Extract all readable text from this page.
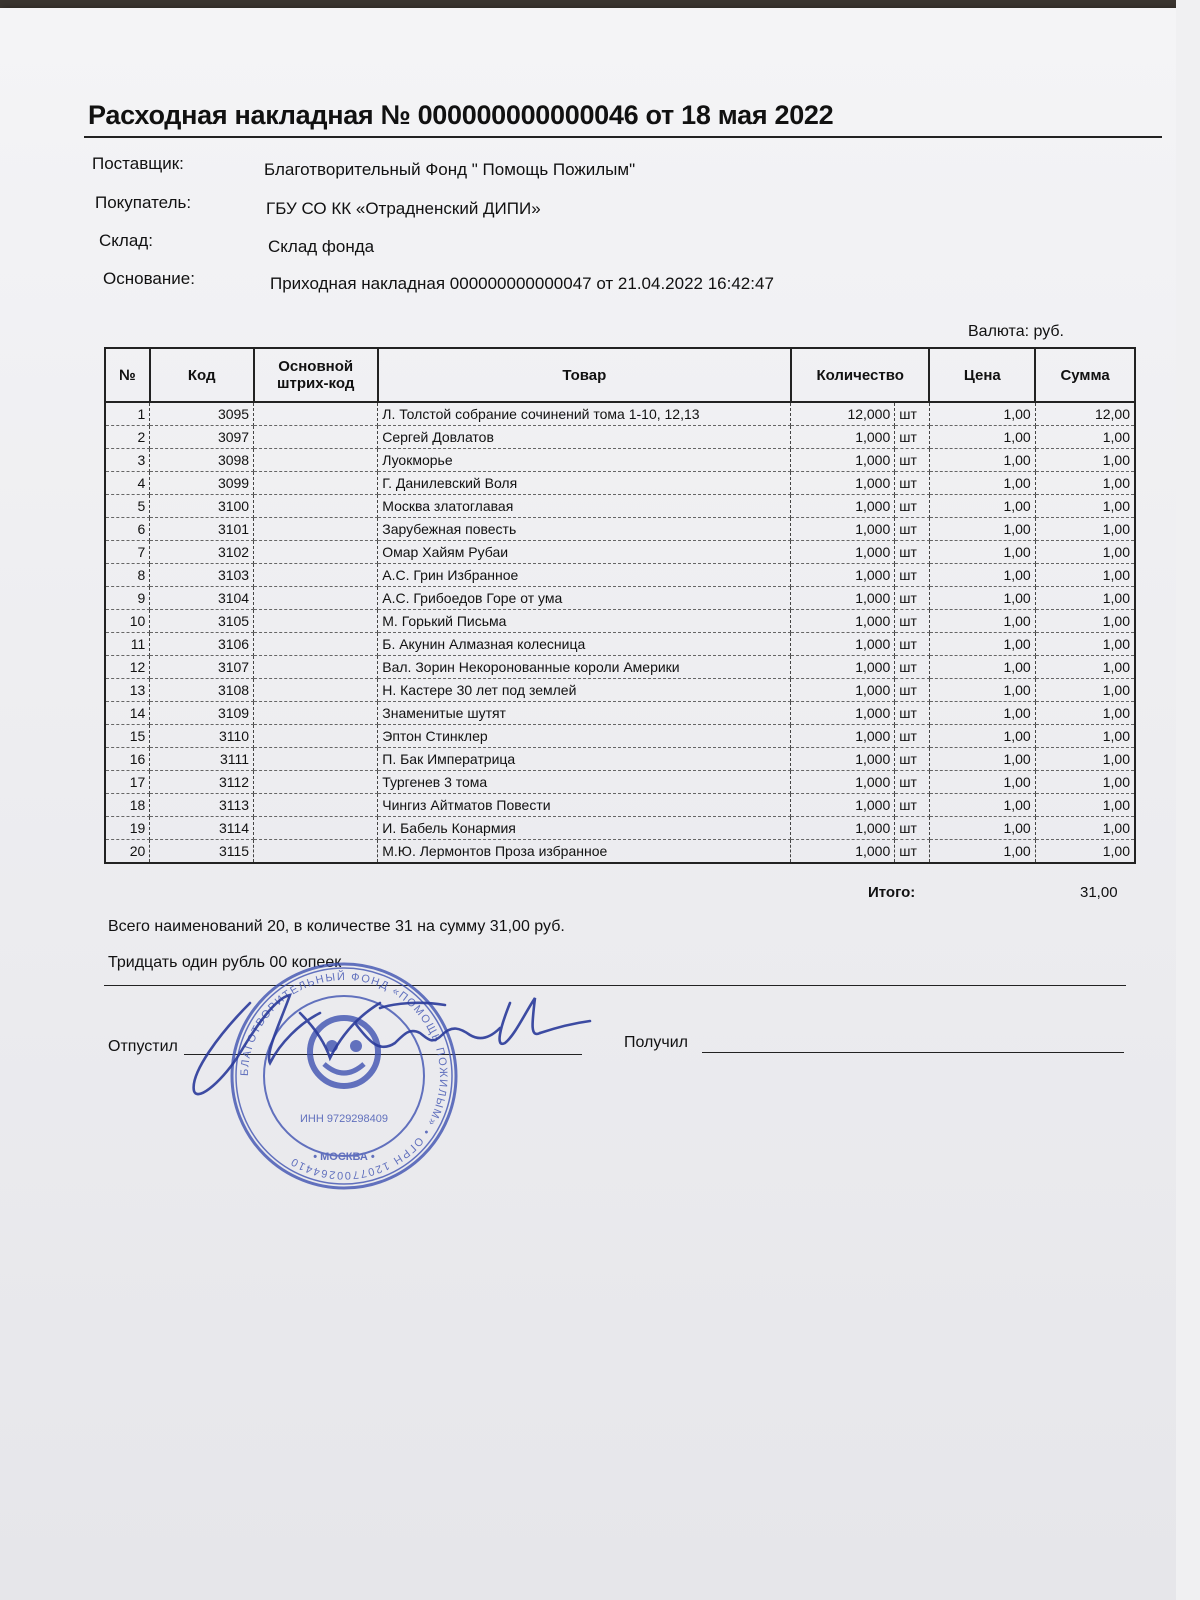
Расходная накладная № 000000000000046 от 18 мая 2022
Поставщик:	Благотворительный Фонд " Помощь Пожилым"
Покупатель:	ГБУ СО КК «Отрадненский ДИПИ»
Склад:	Склад фонда
Основание:	Приходная накладная 000000000000047 от 21.04.2022 16:42:47
Валюта: руб.
№	Код	Основной штрих-код	Товар	Количество		Цена	Сумма
1	3095		Л. Толстой собрание сочинений тома 1-10, 12,13	12,000	шт	1,00	12,00
2	3097		Сергей Довлатов	1,000	шт	1,00	1,00
3	3098		Луокморье	1,000	шт	1,00	1,00
4	3099		Г. Данилевский Воля	1,000	шт	1,00	1,00
5	3100		Москва златоглавая	1,000	шт	1,00	1,00
6	3101		Зарубежная повесть	1,000	шт	1,00	1,00
7	3102		Омар Хайям Рубаи	1,000	шт	1,00	1,00
8	3103		А.С. Грин Избранное	1,000	шт	1,00	1,00
9	3104		А.С. Грибоедов Горе от ума	1,000	шт	1,00	1,00
10	3105		М. Горький Письма	1,000	шт	1,00	1,00
11	3106		Б. Акунин Алмазная колесница	1,000	шт	1,00	1,00
12	3107		Вал. Зорин Некоронованные короли Америки	1,000	шт	1,00	1,00
13	3108		Н. Кастере 30 лет под землей	1,000	шт	1,00	1,00
14	3109		Знаменитые шутят	1,000	шт	1,00	1,00
15	3110		Эптон Стинклер	1,000	шт	1,00	1,00
16	3111		П. Бак Императрица	1,000	шт	1,00	1,00
17	3112		Тургенев 3 тома	1,000	шт	1,00	1,00
18	3113		Чингиз Айтматов Повести	1,000	шт	1,00	1,00
19	3114		И. Бабель Конармия	1,000	шт	1,00	1,00
20	3115		М.Ю. Лермонтов Проза избранное	1,000	шт	1,00	1,00
Итого:	31,00
Всего наименований 20, в количестве 31 на сумму 31,00 руб.
Тридцать один рубль 00 копеек
Отпустил	Получил
БЛАГОТВОРИТЕЛЬНЫЙ ФОНД «ПОМОЩЬ ПОЖИЛЫМ» • ОГРН 1207700264410
ИНН 9729298409
• МОСКВА •
